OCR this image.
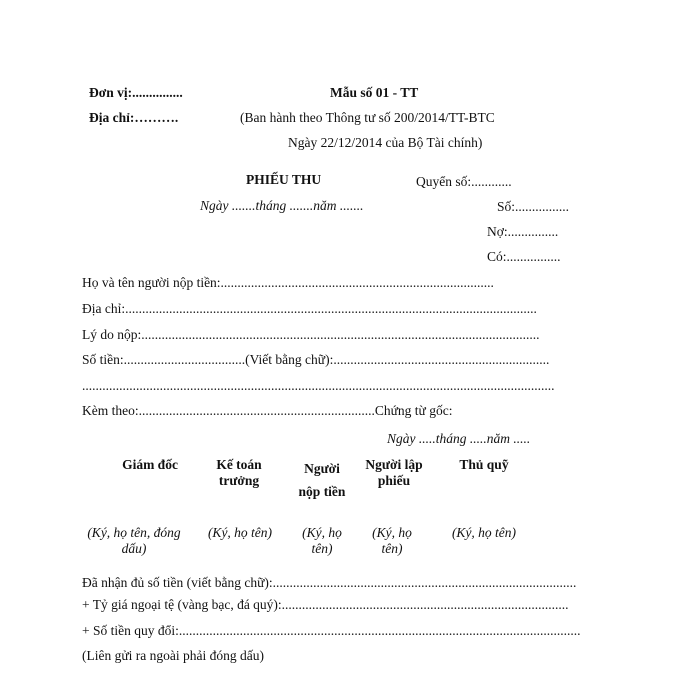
Đơn vị:...............
Địa chỉ:……….
Mẫu số 01 - TT
(Ban hành theo Thông tư số 200/2014/TT-BTC
Ngày 22/12/2014 của Bộ Tài chính)
PHIẾU THU	Quyển số:............
Ngày .......tháng .......năm .......	Số:................
Nợ:...............
Có:................
Họ và tên người nộp tiền:.................................................................................
Địa chỉ:..........................................................................................................................
Lý do nộp:......................................................................................................................
Số tiền:....................................(Viết bằng chữ):................................................................
............................................................................................................................................
Kèm theo:......................................................................Chứng từ gốc:
Ngày .....tháng .....năm .....
Giám đốc
(Ký, họ tên, đóng dấu)
Kế toán trưởng
(Ký, họ tên)
Người nộp tiền
(Ký, họ tên)
Người lập phiếu
(Ký, họ tên)
Thủ quỹ
(Ký, họ tên)
Đã nhận đủ số tiền (viết bằng chữ):..........................................................................................
+ Tỷ giá ngoại tệ (vàng bạc, đá quý):.....................................................................................
+ Số tiền quy đổi:.......................................................................................................................
(Liên gửi ra ngoài phải đóng dấu)
